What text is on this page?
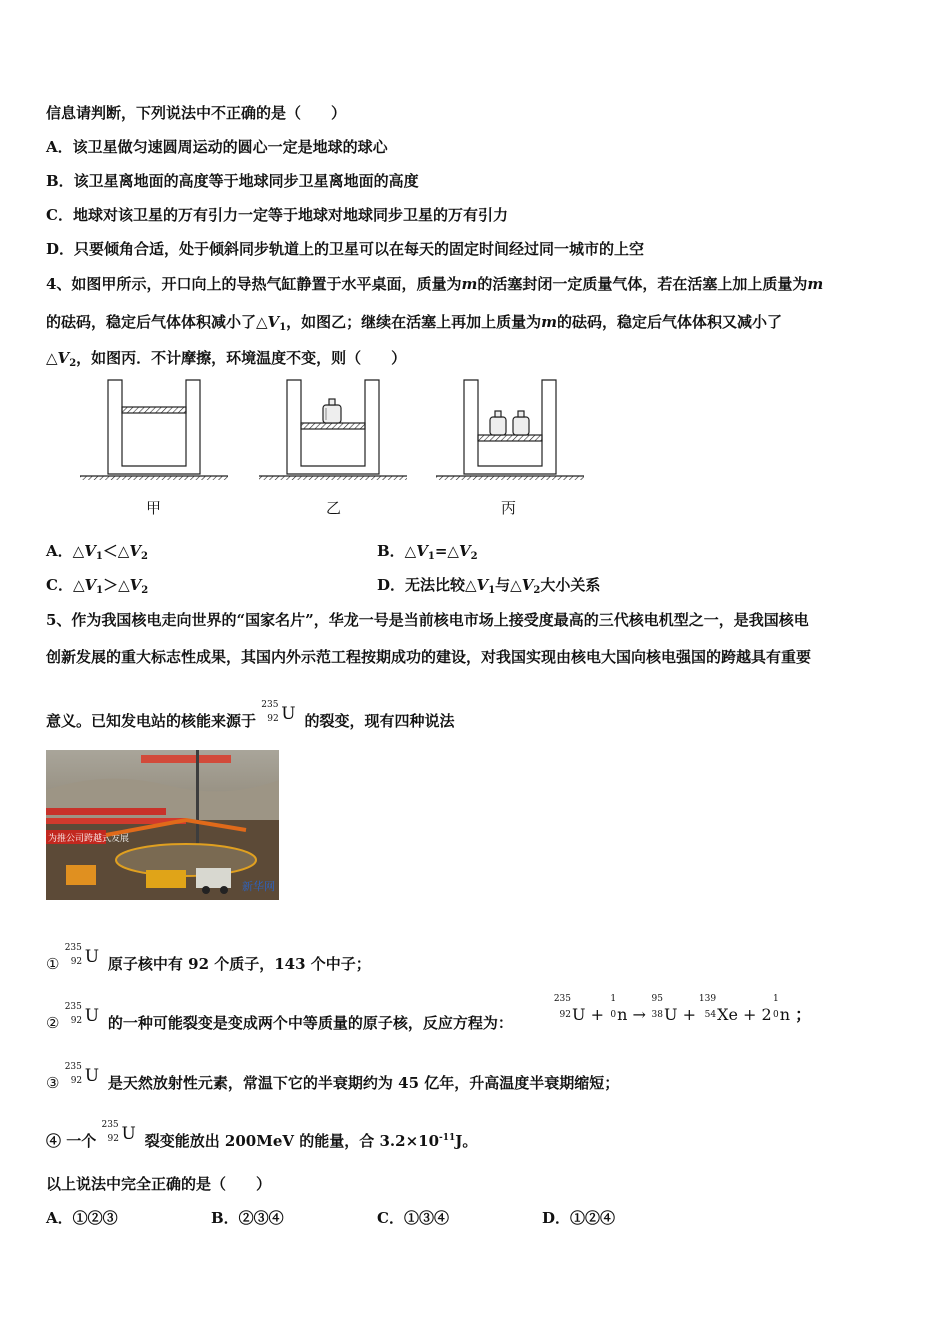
信息请判断，下列说法中不正确的是（　　）
A．该卫星做匀速圆周运动的圆心一定是地球的球心
B．该卫星离地面的高度等于地球同步卫星离地面的高度
C．地球对该卫星的万有引力一定等于地球对地球同步卫星的万有引力
D．只要倾角合适，处于倾斜同步轨道上的卫星可以在每天的固定时间经过同一城市的上空
4、如图甲所示，开口向上的导热气缸静置于水平桌面，质量为m的活塞封闭一定质量气体，若在活塞上加上质量为m
的砝码，稳定后气体体积减小了$\triangle V_1$，如图乙；继续在活塞上再加上质量为m的砝码，稳定后气体体积又减小了
$\triangle V_2$，如图丙．不计摩擦，环境温度不变，则（　　）
甲	乙	丙
A．$\triangle V_1<\triangle V_2$	B．$\triangle V_1=\triangle V_2$
C．$\triangle V_1>\triangle V_2$	D．无法比较$\triangle V_1$与$\triangle V_2$大小关系
5、作为我国核电走向世界的“国家名片”，华龙一号是当前核电市场上接受度最高的三代核电机型之一，是我国核电
创新发展的重大标志性成果，其国内外示范工程按期成功的建设，对我国实现由核电大国向核电强国的跨越具有重要
意义。已知发电站的核能来源于
235
92 U 的裂变，现有四种说法
为推公司跨越式发展
新华网
①
235
92 U 原子核中有 92 个质子，143 个中子；
②
235
92 U 的一种可能裂变是变成两个中等质量的原子核，反应方程为：
235
92 U +
1
0 n →
95
38 U +
139
54 Xe + 2
1
0 n ；
③
235
92 U 是天然放射性元素，常温下它的半衰期约为 45 亿年，升高温度半衰期缩短；
④ 一个
235
92 U 裂变能放出 200MeV 的能量，合 $3.2\times 10^{-11}J$。
以上说法中完全正确的是（　　）
A．①②③	B．②③④	C．①③④	D．①②④
